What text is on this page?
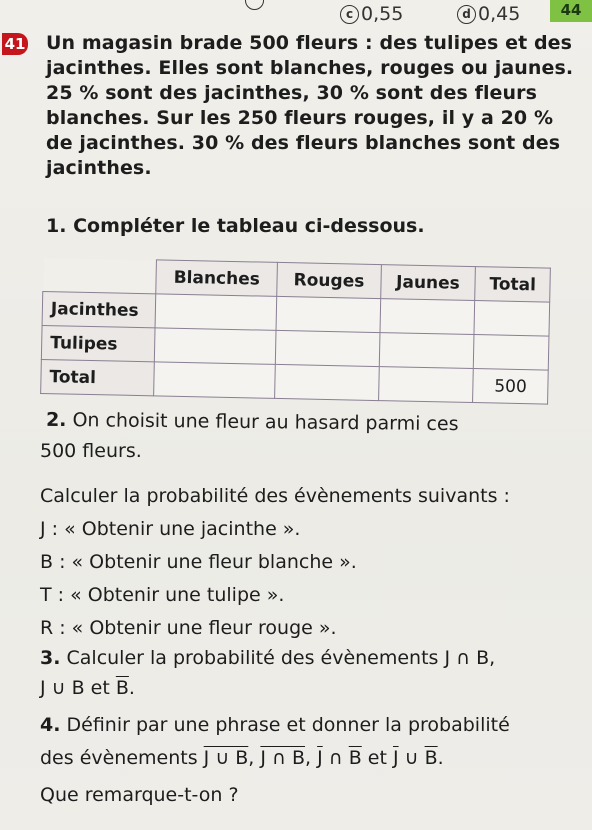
c 0,55	d 0,45	44
41 Un magasin brade 500 fleurs : des tulipes et des
jacinthes. Elles sont blanches, rouges ou jaunes.
25 % sont des jacinthes, 30 % sont des fleurs
blanches. Sur les 250 fleurs rouges, il y a 20 %
de jacinthes. 30 % des fleurs blanches sont des
jacinthes.
1. Compléter le tableau ci-dessous.
	Blanches	Rouges	Jaunes	Total
Jacinthes				
Tulipes				
Total				500
2. On choisit une fleur au hasard parmi ces
500 fleurs.
Calculer la probabilité des évènements suivants :
J : « Obtenir une jacinthe ».
B : « Obtenir une fleur blanche ».
T : « Obtenir une tulipe ».
R : « Obtenir une fleur rouge ».
3. Calculer la probabilité des évènements J ∩ B,
J ∪ B et $\overline{B}$.
4. Définir par une phrase et donner la probabilité
des évènements J ∪ B, J ∩ B, $\overline{J}$ ∩ $\overline{B}$ et $\overline{J}$ ∪ $\overline{B}$.
Que remarque-t-on ?
